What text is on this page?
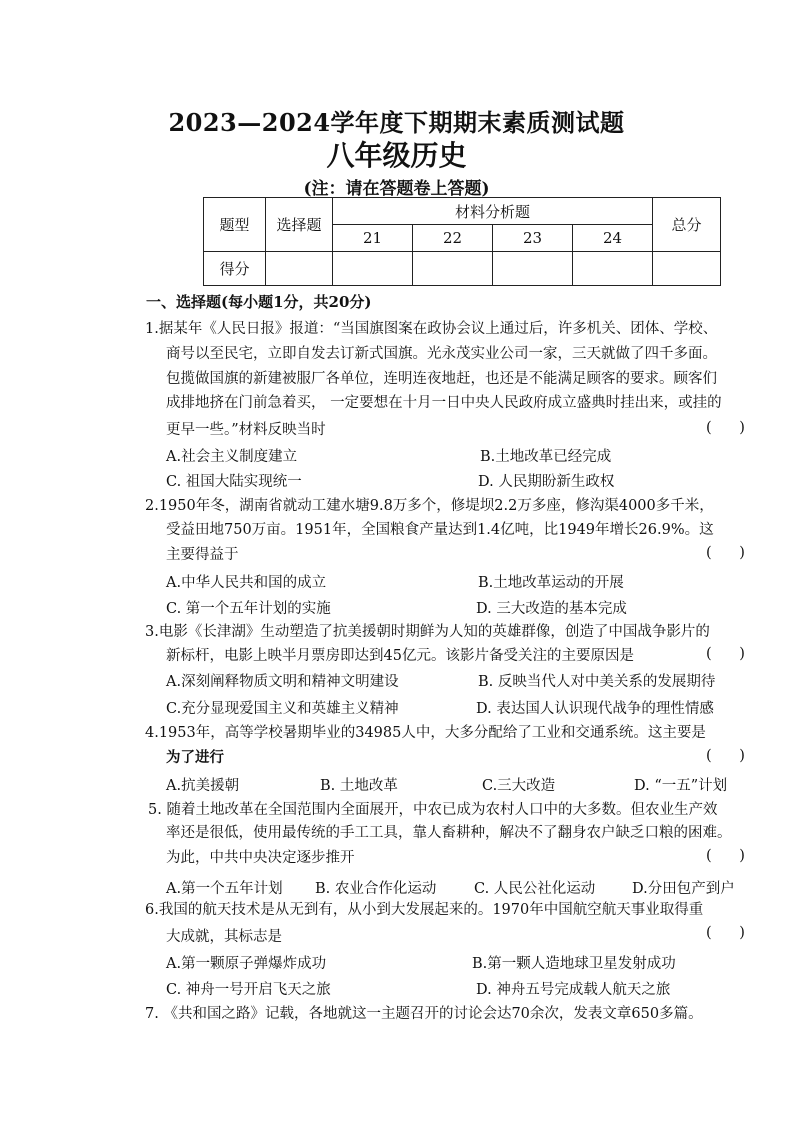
2023—2024学年度下期期末素质测试题
八年级历史
(注：请在答题卷上答题)
题型	选择题	材料分析题				总分
		21	22	23	24	
得分						
一、选择题(每小题1分，共20分)
1.据某年《人民日报》报道：“当国旗图案在政协会议上通过后，许多机关、团体、学校、
商号以至民宅，立即自发去订新式国旗。光永茂实业公司一家，三天就做了四千多面。
包揽做国旗的新建被服厂各单位，连明连夜地赶，也还是不能满足顾客的要求。顾客们
成排地挤在门前急着买， 一定要想在十月一日中央人民政府成立盛典时挂出来，或挂的
更早一些。”材料反映当时	(      )
A.社会主义制度建立	B.土地改革已经完成
C. 祖国大陆实现统一	D. 人民期盼新生政权
2.1950年冬，湖南省就动工建水塘9.8万多个，修堤坝2.2万多座，修沟渠4000多千米，
受益田地750万亩。1951年，全国粮食产量达到1.4亿吨，比1949年增长26.9%。这
主要得益于	(      )
A.中华人民共和国的成立	B.土地改革运动的开展
C. 第一个五年计划的实施	D. 三大改造的基本完成
3.电影《长津湖》生动塑造了抗美援朝时期鲜为人知的英雄群像，创造了中国战争影片的
新标杆，电影上映半月票房即达到45亿元。该影片备受关注的主要原因是	(      )
A.深刻阐释物质文明和精神文明建设	B. 反映当代人对中美关系的发展期待
C.充分显现爱国主义和英雄主义精神	D. 表达国人认识现代战争的理性情感
4.1953年，高等学校暑期毕业的34985人中，大多分配给了工业和交通系统。这主要是
为了进行	(      )
A.抗美援朝	B. 土地改革	C.三大改造	D. “一五”计划
5. 随着土地改革在全国范围内全面展开，中农已成为农村人口中的大多数。但农业生产效
率还是很低，使用最传统的手工工具，靠人畜耕种，解决不了翻身农户缺乏口粮的困难。
为此，中共中央决定逐步推开	(      )
A.第一个五年计划 B. 农业合作化运动	C. 人民公社化运动	D.分田包产到户
6.我国的航天技术是从无到有，从小到大发展起来的。1970年中国航空航天事业取得重
大成就，其标志是	(      )
A.第一颗原子弹爆炸成功	B.第一颗人造地球卫星发射成功
C. 神舟一号开启飞天之旅	D. 神舟五号完成载人航天之旅
7. 《共和国之路》记载，各地就这一主题召开的讨论会达70余次，发表文章650多篇。
